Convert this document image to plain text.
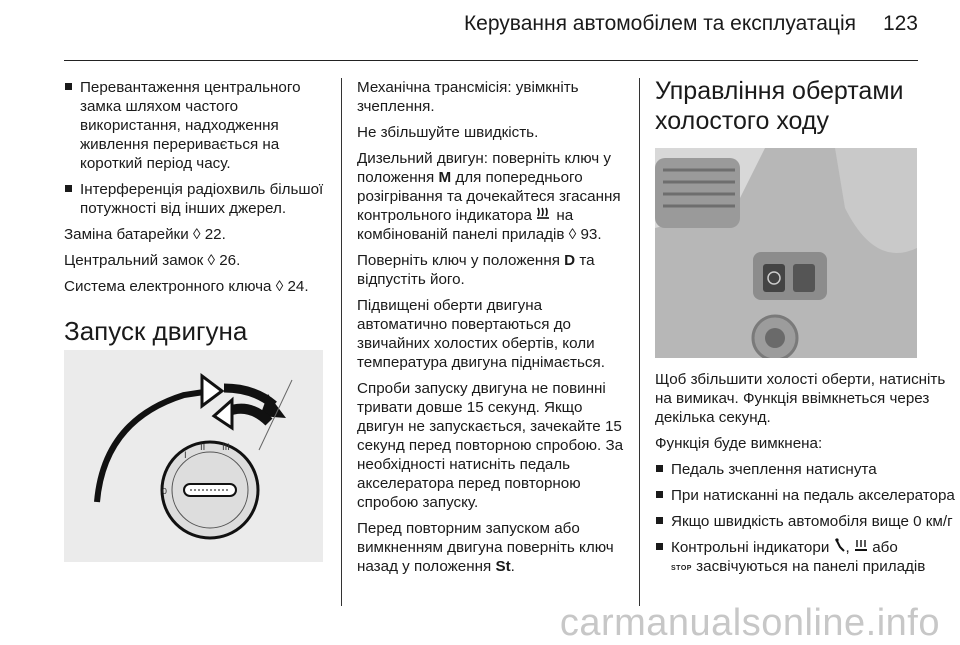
Керування автомобілем та експлуатація 123
Перевантаження центрального замка шляхом частого використання, надходження живлення переривається на короткий період часу.
Інтерференція радіохвиль більшої потужності від інших джерел.

Заміна батарейки ◊ 22.

Центральний замок ◊ 26.

Система електронного ключа ◊ 24.

Запуск двигуна
I
II III
0

Механічна трансмісія: увімкніть зчеплення.

Не збільшуйте швидкість.

Дизельний двигун: поверніть ключ у положення M для попереднього розігрівання та дочекайтеся згасання контрольного індикатора  на комбінованій панелі приладів ◊ 93.

Поверніть ключ у положення D та відпустіть його.

Підвищені оберти двигуна автоматично повертаються до звичайних холостих обертів, коли температура двигуна піднімається.

Спроби запуску двигуна не повинні тривати довше 15 секунд. Якщо двигун не запускається, зачекайте 15 секунд перед повторною спробою. За необхідності натисніть педаль акселератора перед повторною спробою запуску.

Перед повторним запуском або вимкненням двигуна поверніть ключ назад у положення St.

Управління обертами
холостого ходу

Щоб збільшити холості оберти, натисніть на вимикач. Функція ввімкнеться через декілька секунд.

Функція буде вимкнена:

Педаль зчеплення натиснута
При натисканні на педаль акселератора
Якщо швидкість автомобіля вище 0 км/г
Контрольні індикатори ,  або
STOP засвічуються на панелі приладів
carmanualsonline.info
